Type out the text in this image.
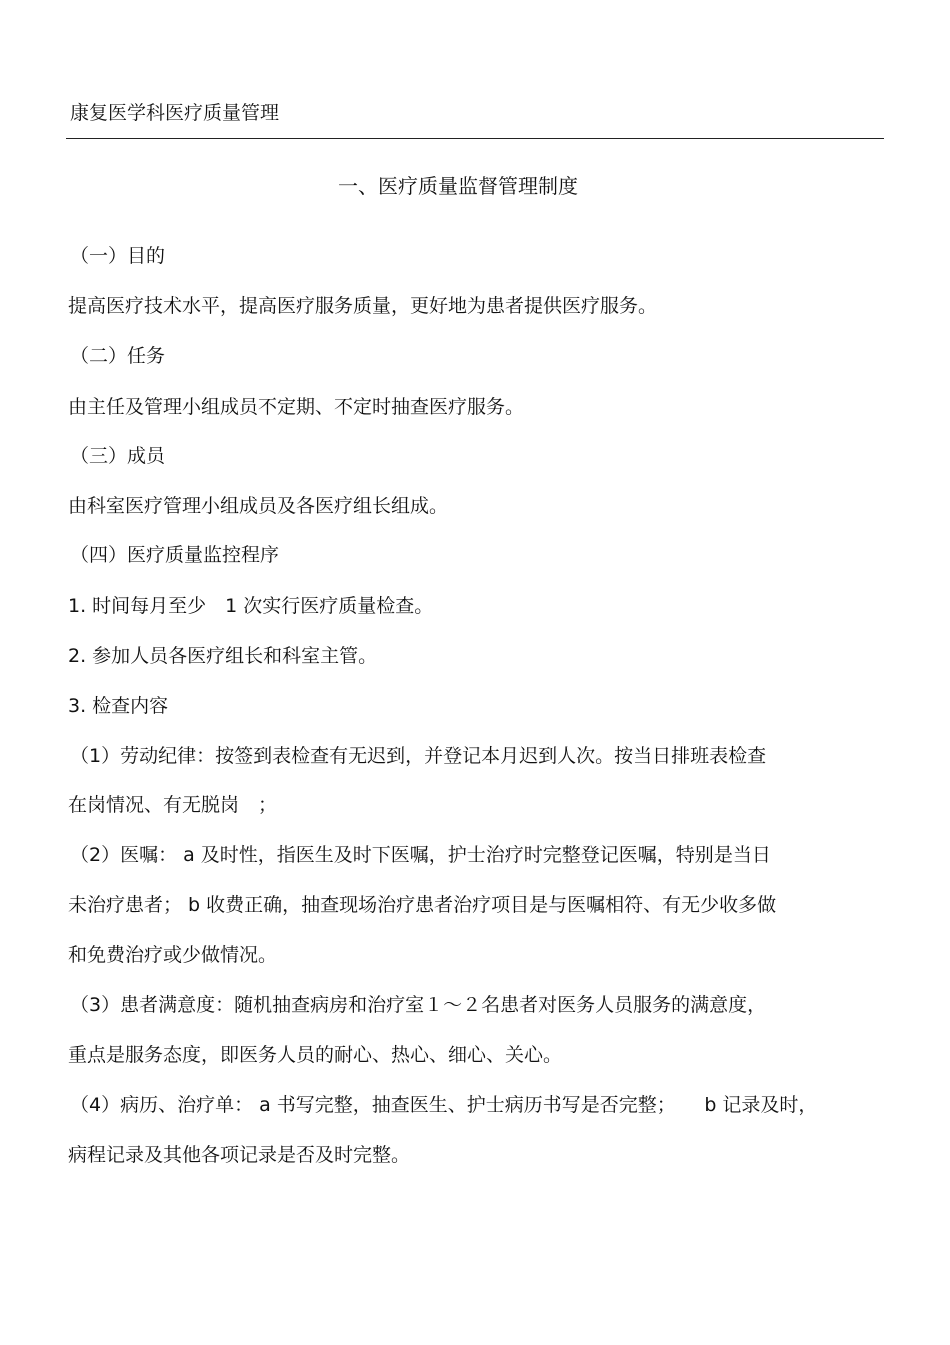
康复医学科医疗质量管理
一、医疗质量监督管理制度
（一）目的
提高医疗技术水平，提高医疗服务质量，更好地为患者提供医疗服务。
（二）任务
由主任及管理小组成员不定期、不定时抽查医疗服务。
（三）成员
由科室医疗管理小组成员及各医疗组长组成。
（四）医疗质量监控程序
1. 时间每月至少　1 次实行医疗质量检查。
2. 参加人员各医疗组长和科室主管。
3. 检查内容
（1）劳动纪律：按签到表检查有无迟到，并登记本月迟到人次。按当日排班表检查
在岗情况、有无脱岗　；
（2）医嘱： a 及时性，指医生及时下医嘱，护士治疗时完整登记医嘱，特别是当日
未治疗患者； b 收费正确，抽查现场治疗患者治疗项目是与医嘱相符、有无少收多做
和免费治疗或少做情况。
（3）患者满意度：随机抽查病房和治疗室１～２名患者对医务人员服务的满意度，
重点是服务态度，即医务人员的耐心、热心、细心、关心。
（4）病历、治疗单： a 书写完整，抽查医生、护士病历书写是否完整；　　b 记录及时，
病程记录及其他各项记录是否及时完整。
